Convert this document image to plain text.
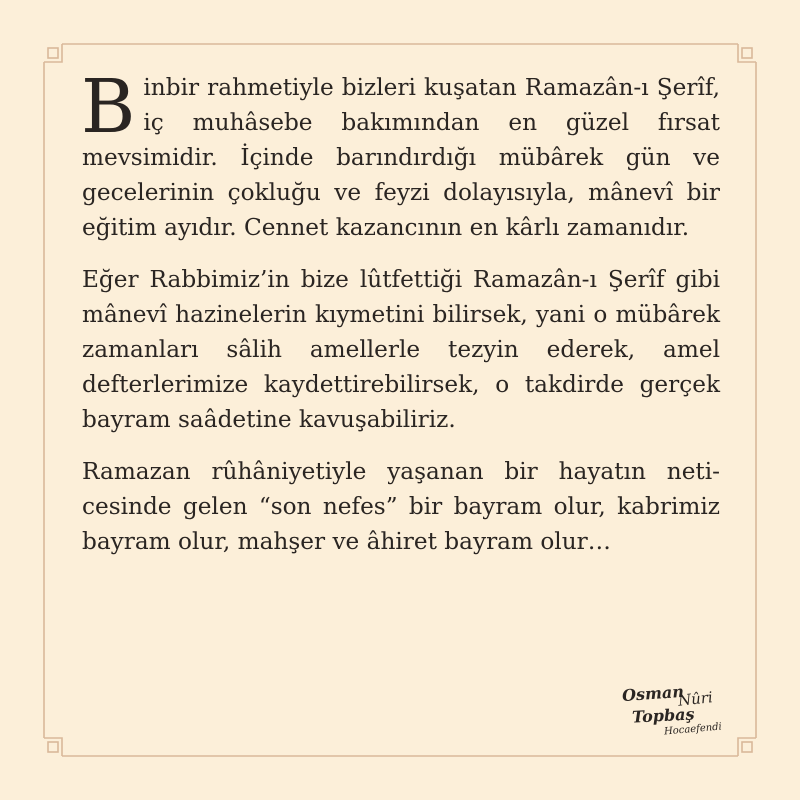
Binbir rahmetiyle bizleri kuşatan Ramazân-ı Şerîf, iç muhâsebe bakımından en güzel fırsat mevsimidir. İçinde barındırdığı mübârek gün ve gecelerinin çokluğu ve feyzi dolayısıyla, mânevî bir eğitim ayıdır. Cennet kazancının en kârlı zamanıdır.

Eğer Rabbimiz’in bize lûtfettiği Ramazân-ı Şerîf gibi mânevî hazinelerin kıymetini bilirsek, yani o mübârek zamanları sâlih amellerle tezyin ederek, amel defterlerimize kaydettirebilirsek, o takdirde gerçek bayram saâdetine kavuşabiliriz.

Ramazan rûhâniyetiyle yaşanan bir hayatın neticesinde gelen “son nefes” bir bayram olur, kabrimiz bayram olur, mahşer ve âhiret bayram olur…

Osman
Nûri
Topbaş
Hocaefendi
